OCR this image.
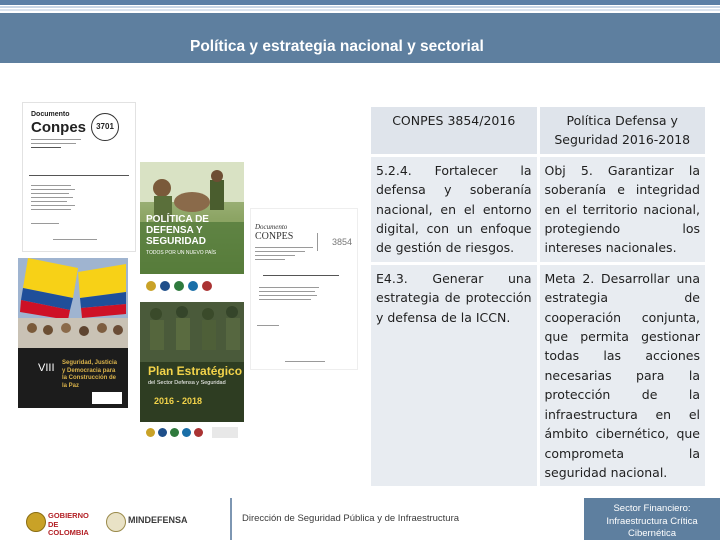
Política y estrategia nacional y sectorial
Documento
Conpes	3701
POLÍTICA DE
DEFENSA Y
SEGURIDAD
TODOS POR UN NUEVO PAÍS
VIII Seguridad, Justicia
y Democracia para
la Construcción de
la Paz
Plan Estratégico
del Sector Defensa y Seguridad
2016 - 2018
Documento
CONPES	3854
CONPES 3854/2016	Política Defensa y Seguridad 2016-2018
5.2.4. Fortalecer la defensa y soberanía nacional, en el entorno digital, con un enfoque de gestión de riesgos.	Obj 5. Garantizar la soberanía e integridad en el territorio nacional, protegiendo los intereses nacionales.
E4.3. Generar una estrategia de protección y defensa de la ICCN.	Meta 2. Desarrollar una estrategia de cooperación conjunta, que permita gestionar todas las acciones necesarias para la protección de la infraestructura en el ámbito cibernético, que comprometa la seguridad nacional.
GOBIERNO DE COLOMBIA
MINDEFENSA	Dirección de Seguridad Pública y de Infraestructura
Sector Financiero: Infraestructura Crítica Cibernética
